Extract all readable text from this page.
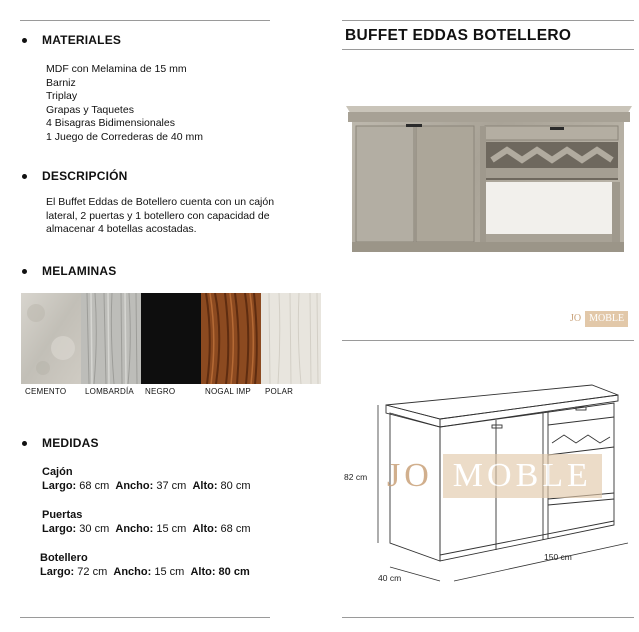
MATERIALES
MDF con Melamina de 15 mm
Barniz
Triplay
Grapas y Taquetes
4 Bisagras Bidimensionales
1 Juego de Correderas de 40 mm
DESCRIPCIÓN
El Buffet Eddas de Botellero cuenta con un cajón lateral, 2 puertas y 1 botellero con capacidad de almacenar 4 botellas acostadas.
MELAMINAS
CEMENTO	LOMBARDÍA	NEGRO	NOGAL IMP	POLAR
MEDIDAS
Cajón
Largo: 68 cm Ancho: 37 cm Alto: 80 cm
Puertas
Largo: 30 cm Ancho: 15 cm Alto: 68 cm
Botellero
Largo: 72 cm Ancho: 15 cm Alto: 80 cm
BUFFET EDDAS BOTELLERO
JO MOBLE
JO MOBLE
82 cm
150 cm
40 cm
